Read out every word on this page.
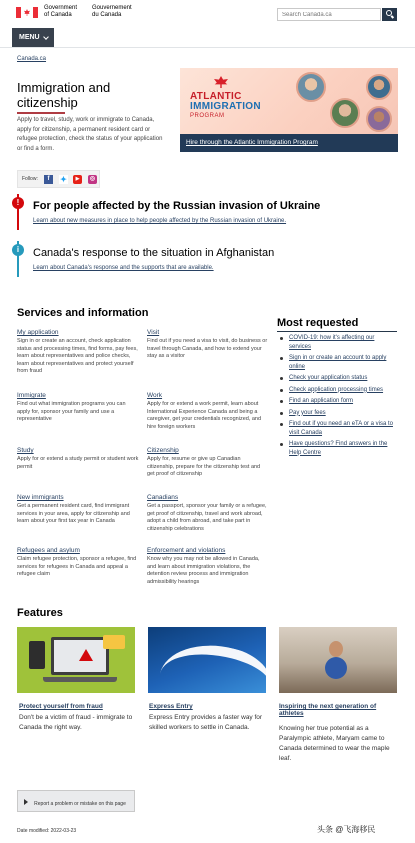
Government
of Canada
Gouvernement
du Canada
Search Canada.ca
MENU
Canada.ca
Immigration and citizenship

Apply to travel, study, work or immigrate to Canada, apply for citizenship, a permanent resident card or refugee protection, check the status of your application or find a form.

Follow:	f	✦	▶	◎
ATLANTIC
IMMIGRATION
PROGRAM
Hire through the Atlantic Immigration Program
!	For people affected by the Russian invasion of Ukraine
Learn about new measures in place to help people affected by the Russian invasion of Ukraine.
i	Canada's response to the situation in Afghanistan
Learn about Canada's response and the supports that are available.
Services and information
My application
Sign in or create an account, check application status and processing times, find forms, pay fees, learn about representatives and police checks, learn about representatives and protect yourself from fraud
Visit
Find out if you need a visa to visit, do business or travel through Canada, and how to extend your stay as a visitor
Immigrate
Find out what immigration programs you can apply for, sponsor your family and use a representative
Work
Apply for or extend a work permit, learn about International Experience Canada and being a caregiver, get your credentials recognized, and hire foreign workers
Study
Apply for or extend a study permit or student work permit
Citizenship
Apply for, resume or give up Canadian citizenship, prepare for the citizenship test and get proof of citizenship
New immigrants
Get a permanent resident card, find immigrant services in your area, apply for citizenship and learn about your first tax year in Canada
Canadians
Get a passport, sponsor your family or a refugee, get proof of citizenship, travel and work abroad, adopt a child from abroad, and take part in citizenship celebrations
Refugees and asylum
Claim refugee protection, sponsor a refugee, find services for refugees in Canada and appeal a refugee claim
Enforcement and violations
Know why you may not be allowed in Canada, and learn about immigration violations, the detention review process and immigration admissibility hearings
Most requested
COVID-19: how it's affecting our services
Sign in or create an account to apply online
Check your application status
Check application processing times
Find an application form
Pay your fees
Find out if you need an eTA or a visa to visit Canada
Have questions? Find answers in the Help Centre
Features
Protect yourself from fraud

Don't be a victim of fraud - immigrate to Canada the right way.

Express Entry

Express Entry provides a faster way for skilled workers to settle in Canada.

Inspiring the next generation of athletes

Knowing her true potential as a Paralympic athlete, Maryam came to Canada determined to wear the maple leaf.

Report a problem or mistake on this page
Date modified: 2022-03-23	头条 @飞海移民
